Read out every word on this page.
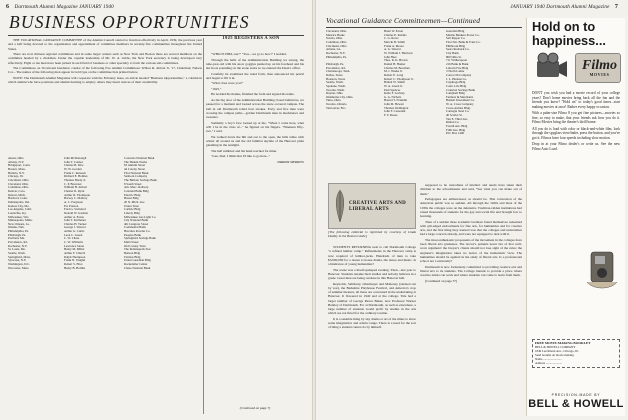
6 Dartmouth Alumni Magazine JANUARY 1940
BUSINESS OPPORTUNITIES

THE VOCATIONAL GUIDANCE COMMITTEE of the Alumni Council started to function effectively in April, 1939, the previous year and a half being devoted to the organization and appointment of committee members in seventy-five communities throughout the United States.

There are now thirteen regional committees and in some larger centers such as New York and Boston there are several members on the committee headed by a chairman. Under the capable leadership of Mr. W. A. Gibbs, the New York secretary is being developed very effectively. Eight or ten men have been picked in each field of business or other specialty to form the various sub-committees.

The Committees on Vocational Guidance consist of the following five Alumni Committees: Wilton R. Abbott Jr. '17, Chairman; Nelson Cor... The names of the following men appear in bold type on the committee lists printed below.

NOTE: The Dartmouth Alumni Magazine will cooperate with the February issue, an article headed "Business Opportunities," a column in which alumni who have positions and alumni desiring to employ others may insert notices of their availability.

Akron, Ohio
Albany, N.Y.
Bridgeport, Conn.
Boston, Mass.
Buffalo, N.Y.
Chicago, Ill.
Cincinnati, Ohio
Cleveland, Ohio
Columbus, Ohio
Denver, Colo.
Detroit, Mich.
Hartford, Conn.
Indianapolis, Ind.
Kansas City, Mo.
Los Angeles, Calif.
Louisville, Ky.
Milwaukee, Wis.
Minneapolis, Minn.
New Orleans, La.
Omaha, Neb.
Philadelphia, Pa.
Pittsburgh, Pa.
Portland, Me.
Providence, R.I.
Rochester, N.Y.
St. Louis, Mo.
Seattle, Wash.
Springfield, Mass.
Syracuse, N.Y.
Washington, D.C.
Worcester, Mass.
John McDonough
John T. Connor
Charles B. Rice
W. W. Gordon
Frank C. Ransom
Richard E. Holmes
Thomas Hardy Jr.
C. P. Brewster
William H. Abbott
Chester R. Ryan
Arthur D. Thompson
Harvey C. Mallory
A. C. Ferguson
Ed. Preston
Fred G. Swinford
Donald W. Gardner
Arthur A. Eaton
John T. Kitchener
Charles H. Tucker
George J. Weaver
Arthur G. Curtis
Leon C. Green
C. W. Chase
C. W. Williams
Lawrence Stone
Henry M. Miller
Arthur F. Church
Ralph Thompson
Frank N. Vaughn
Robert S. Eliot
Henry B. Hollins
Colorado National Bank
The Haskin Works
63 Antium Street
44 Colony Street
First National Bank
Sanborn Company
The Buffalo Savings Bank
8 South Street
Am. Merc. Railway
Colonial Bank Bldg
Electric Bldg
Huron Bldg
20 N. Mich. Ave
Union Trust
Carlisle Bldg
Liberty Bldg
Milwaukee Gas Light Co.
City National Bank
4th Congress Street
Continental Bank
Hercules Powder Co.
Peoples Bank
Springfield Savings Bank
Main Street
Old Colony Trust
The Indianapolis Star
Benson Bldg
Fairless Bldg
Union Guardian Bldg
Rockefeller Center
Chase National Bank
1925 REGISTERS A SON

"WHO IS HIM, son?" "You—we go to how!" I nodded.

Through the halls of the Administration Building we swung, the nine-year-old with his snow goggles pushed up on his forehead and his ski boots pounding on the stone stairs as we entered the Dean's office.

Carefully he examined the ruled form, then announced his pencil and began to fill it in.

"What class were you?"

"1925."

He nodded his thanks, finished the form and signed his name.

As the big door of the Administration Building closed behind us, we paused for a moment and looked across the snow-covered campus. The bell in old Dartmouth tolled four strokes. Forty and five men were crossing the campus paths—golden Dartmouth men in mackinaws and sweaters.

Suddenly a boy's face looked up at me. "When I come here, what will I be in the class of..." he figured on his fingers. "Nineteen fifty-two," I said.

We walked down the hill and out to the open, the hills white with winter all around us and the old familiar skyline of the Hanover plain gleaming in the sunlight.

The hall rumbled and his hand reached for mine.

"Gee, Dad, I think that I'd like to go here..."

PARKER MERROW

(Continued on page 7)
JANUARY 1940 Dartmouth Alumni Magazine 7
Vocational Guidance Committeemen—Continued
Cleveland, Ohio
Maurice Burke
Toledo, Ohio
Columbus, Ohio
Cincinnati, Ohio
Atlanta, Ga.
Rochester, N.Y.
Philadelphia, Pa.

Pittsburgh, Pa.
Providence, R.I.
Chattanooga, Tenn.
Dallas, Texas
Houston, Texas
Seattle, Wash.
Spokane, Wash.
Tacoma, Wash.
Dayton, Ohio
Oklahoma City, Okla.
Tulsa, Okla.
Toronto, Ontario
Vancouver, B.C.
Brent W. Eaton
Charles E. Robins
C. G. Rowe
Marvin B. Smith
Frank A. Moore
A. G. Weaver
W. William J. Harrison
John Heer
Thos. R. K. Brown
Daniel H. Hunter
Charles M. Bowman
M. J. Weeks Jr.
Robert E. Long
Robert C. Thompson Jr.
Hallett W. Smith
W. A. Green Jr.
Paul Spencer
Rollo F. Leviney
G. G. Nichols
Harold T. Franklin
John M. Hewett
Thomas Wellington
John F. Cassedan
F. F. Reese
Guardian Bldg
Marine Bankers Power Co.
Salt Pepper Co.
First Nat. Bank & Trust Co.
Philbrook Bldg
Sears Roebuck Co.
City Bank
800 Ohio St.
711 Witherspoon
216 Bank & Bank
Lincoln Fire Bldg
3 North Lamar
Carter Oil Company
J. L. Hudson Co.
Cuyahoga Bldg
Conn. Life Bldg
Cranston Savings Bank
Campbell Bldg
Farmers & Merchants
Burnett Investment Co.
W. A. Cross Company
Cross-Armies Bldg.
Carnegie Steel Co.
40 Scarlet St.
Van E. Third Ave
Ridlon Co.
Fourth Ave. Bldg
Fifth Ave. Bldg
P.O. Box 1490
CREATIVE ARTS AND LIBERAL ARTS
[The following editorial is reprinted by courtesy of Linda Dudley in the Boston Globe]

STUDENTS RETURNING next to call Dartmouth College "a refined lumber camp." Refinements in the Hanover camp is now required of lumber-jacks. Hundreds of men to take $5,000,000 for a dozen to house drama, the dance and music. Is a hindrance of young humanities?

The scene was a Rooftopshaped evening. Then—last year to Hanover. Students rename their studies and nobody believes in a grade. Great men are being outdone in this Hanover hall.

Reynolds, Salisbury, Obermeyer and Mahoney (slacked out by war), the Berkshire Playhouse Festival, and America's crop of summer theaters, all these are concerned in the undertaking at Hanover. It flowered in 1940 and at the college. Yale had a larger number of George Pierce Baker, now Professor Warner Bentley of Dartmouth. For at Dartmouth, as well as elsewhere, a large number of students would profit by studies in the arts which are not fitted for the ordinary routine.

It is a sensible thing by any drama or art of the times to show some imaginative and artistic range. There is a need for the sort of thing a student cannot do by himself.

supposed to be custodians of intellect and needs have taken their children to the schoolmaster and said, "See what you can make out of them."

Pedagogues are embarrassed, as should be. This conversion of the American public was so sudden. All through the 1920s and most of the 1930s the colleges were on the defensive. Tradition-ridden institutions had raised thousands of students for the gay and social life and brought few to learning.

Then of a sudden three academic brethren found themselves redeemed with gilt-edged endowments for fine arts, for humanities and for creative arts, and the first thing they learned was that the colleges and universities had a large concern already, and were not equipped to deal with it.

The most enthusiastic proponents of the movement in the colleges have been liberal arts graduates. The doctor's patients never tire of that well-worn argument: the lawyer's clients should not lose sight of the rules; the engineer's imagination takes no notice of the humanistic view. The humanities should be applied in the study of liberal arts. Is a professional school not a university?

Dartmouth is now fortunately committed to providing creative arts and liberal arts to its students. The College intends to provide a place where creative artists can work and where students can come to learn from them.

(Continued on page 57)

Hold on to happiness...
Filmo
MOVIES

DON'T you wish you had a movie record of your college years? Don't home movies bring back all the fun and the friends you knew? "Hold on" to today's good times...start making movies at once! Rather every happy occasion.

With a palm-size Filmo 8 you get fine pictures—movies so fine, so easy to make, that your friends ask how you do it. Filmo Movies bring the theater's thrill home.

All you do is load with color or black-and-white film, look through the spyglass viewfinder, press the button, and you've got it. Filmos have four speeds including slow motion.

Drop in at your Filmo dealer's or write us. See the new Filmo Auto Load.

FREE MOVIE-MAKING BOOKLET
BELL & HOWELL COMPANY
1849 Larchmont Ave., Chicago, Ill.
Send booklet on movie making.
Name ........................
Address .....................
PRECISION-MADE BY
BELL & HOWELL
